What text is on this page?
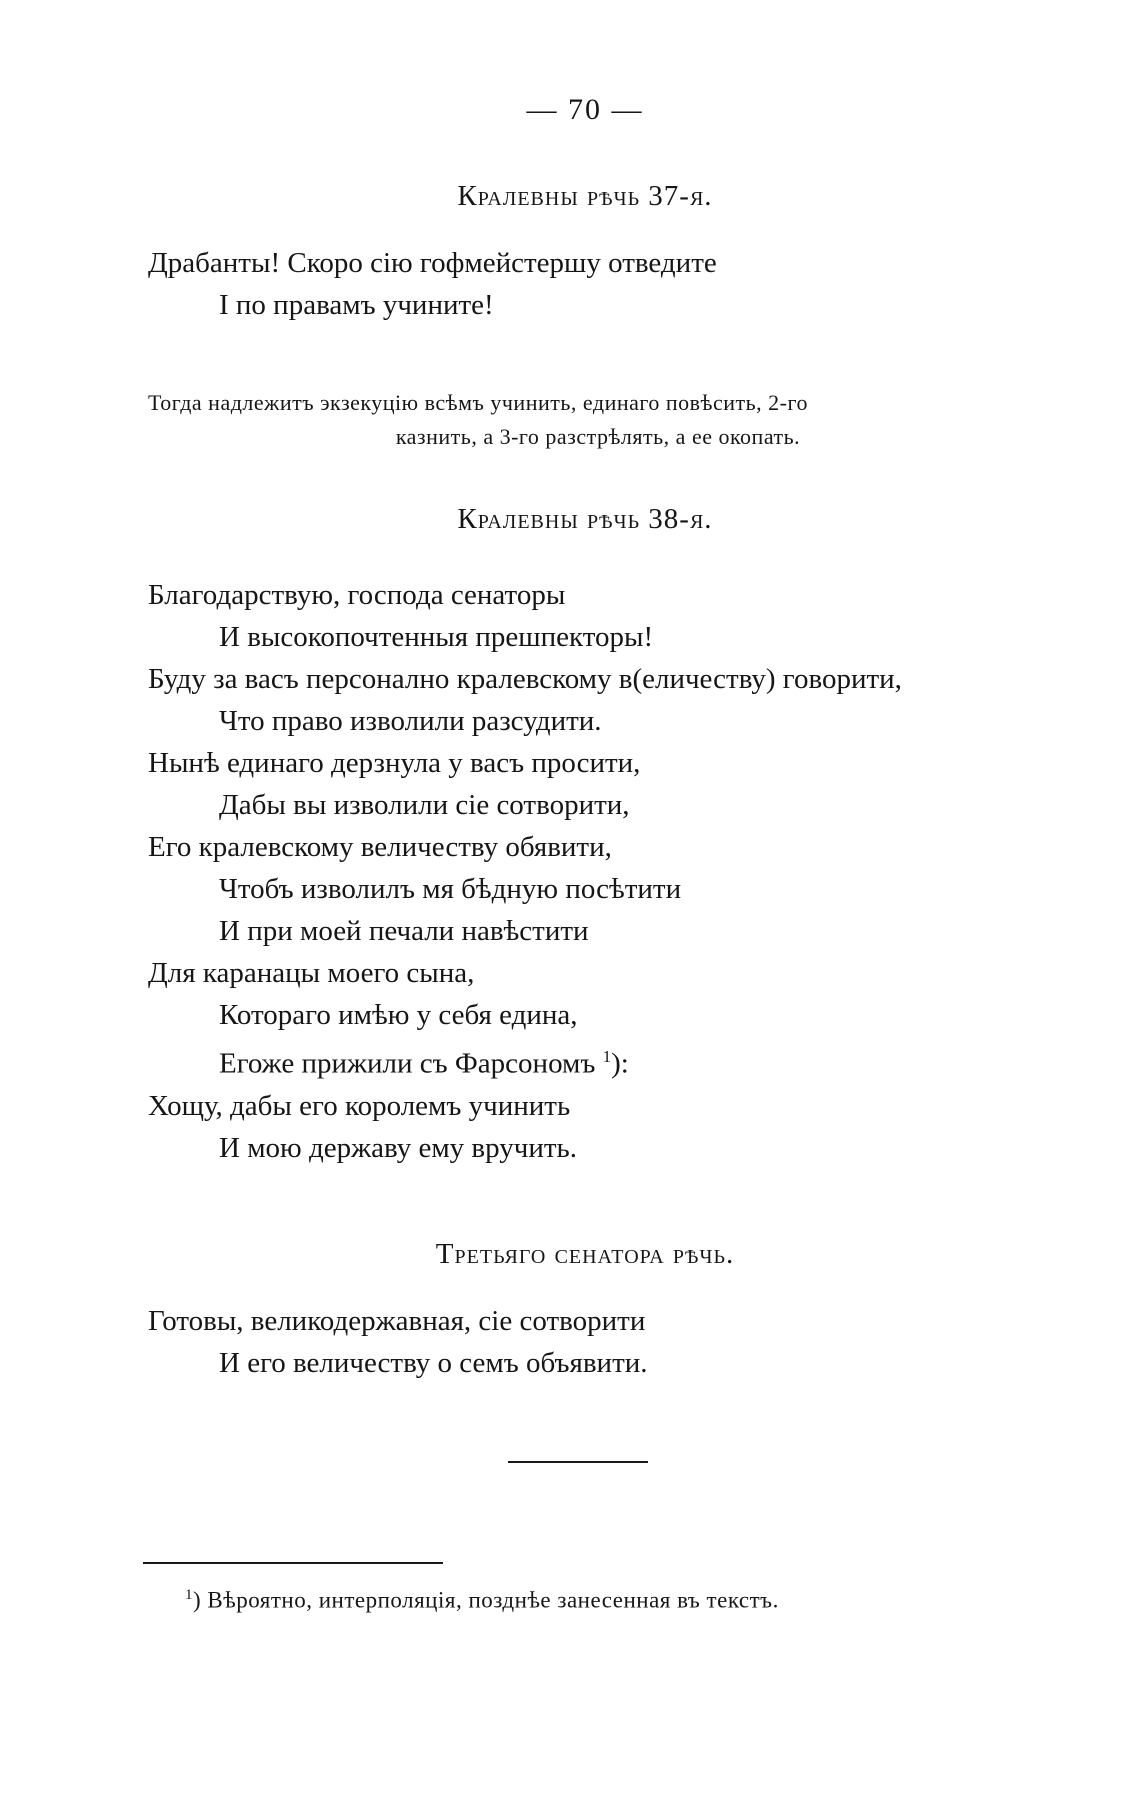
— 70 —
Кралевны рѣчь 37-я.
Драбанты! Скоро сію гофмейстершу отведите
І по правамъ учините!
Тогда надлежитъ экзекуцію всѣмъ учинить, единаго повѣсить, 2-го
казнить, а 3-го разстрѣлять, а ее окопать.
Кралевны рѣчь 38-я.
Благодарствую, господа сенаторы
И высокопочтенныя прешпекторы!
Буду за васъ персонално кралевскому в(еличеству) говорити,
Что право изволили разсудити.
Нынѣ единаго дерзнула у васъ просити,
Дабы вы изволили сіе сотворити,
Его кралевскому величеству обявити,
Чтобъ изволилъ мя бѣдную посѣтити
И при моей печали навѣстити
Для каранацы моего сына,
Котораго имѣю у себя едина,
Егоже прижили съ Фарсономъ $^1$):
Хощу, дабы его королемъ учинить
И мою державу ему вручить.
Третьяго сенатора рѣчь.
Готовы, великодержавная, сіе сотворити
И его величеству о семъ объявити.
$^1$) Вѣроятно, интерполяція, позднѣе занесенная въ текстъ.
